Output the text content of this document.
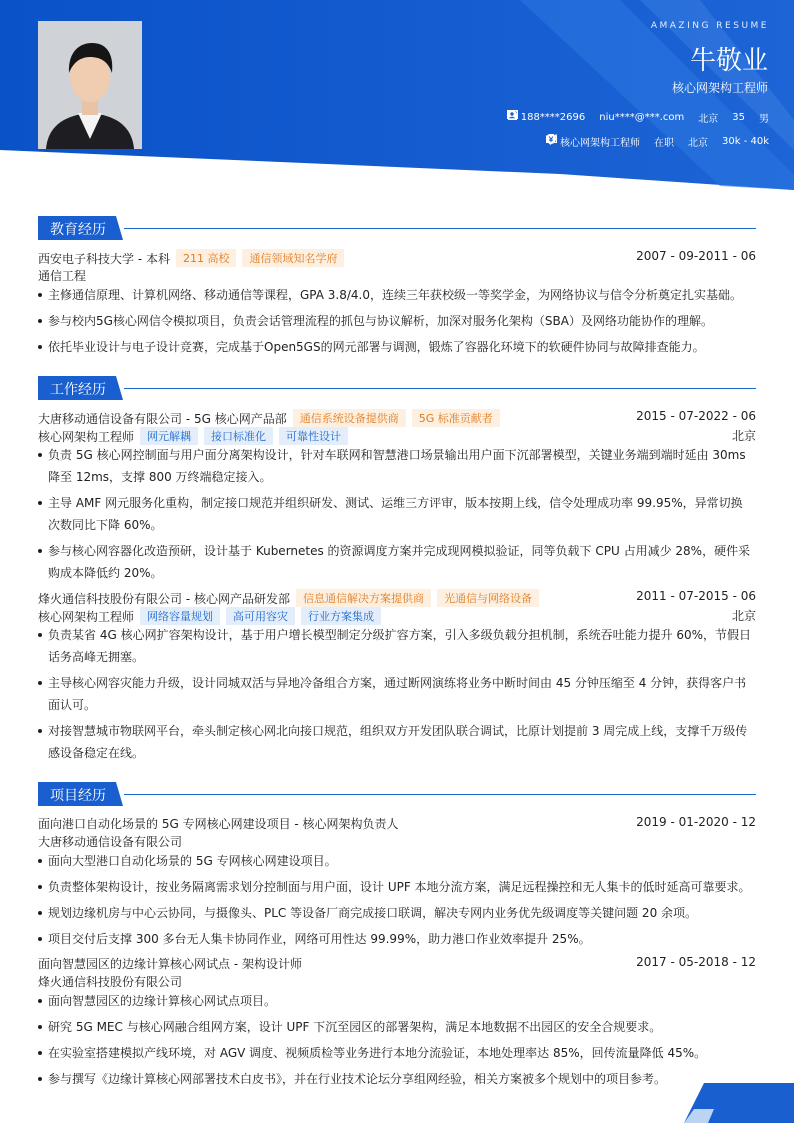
AMAZING RESUME
牛敬业
核心网架构工程师
188****2696 niu****@***.com 北京 35 男
核心网架构工程师 在职 北京 30k - 40k
教育经历
西安电子科技大学 - 本科	211 高校	通信领域知名学府	2007 - 09-2011 - 06
通信工程
主修通信原理、计算机网络、移动通信等课程，GPA 3.8/4.0，连续三年获校级一等奖学金，为网络协议与信令分析奠定扎实基础。
参与校内5G核心网信令模拟项目，负责会话管理流程的抓包与协议解析，加深对服务化架构（SBA）及网络功能协作的理解。
依托毕业设计与电子设计竞赛，完成基于Open5GS的网元部署与调测，锻炼了容器化环境下的软硬件协同与故障排查能力。
工作经历
大唐移动通信设备有限公司 - 5G 核心网产品部	通信系统设备提供商	5G 标准贡献者	2015 - 07-2022 - 06
核心网架构工程师	网元解耦	接口标准化	可靠性设计	北京
负责 5G 核心网控制面与用户面分离架构设计，针对车联网和智慧港口场景输出用户面下沉部署模型，关键业务端到端时延由 30ms 降至 12ms，支撑 800 万终端稳定接入。
主导 AMF 网元服务化重构，制定接口规范并组织研发、测试、运维三方评审，版本按期上线，信令处理成功率 99.95%，异常切换次数同比下降 60%。
参与核心网容器化改造预研，设计基于 Kubernetes 的资源调度方案并完成现网模拟验证，同等负载下 CPU 占用减少 28%，硬件采购成本降低约 20%。
烽火通信科技股份有限公司 - 核心网产品研发部	信息通信解决方案提供商	光通信与网络设备	2011 - 07-2015 - 06
核心网架构工程师	网络容量规划	高可用容灾	行业方案集成	北京
负责某省 4G 核心网扩容架构设计，基于用户增长模型制定分级扩容方案，引入多级负载分担机制，系统吞吐能力提升 60%，节假日话务高峰无拥塞。
主导核心网容灾能力升级，设计同城双活与异地冷备组合方案，通过断网演练将业务中断时间由 45 分钟压缩至 4 分钟，获得客户书面认可。
对接智慧城市物联网平台，牵头制定核心网北向接口规范，组织双方开发团队联合调试，比原计划提前 3 周完成上线，支撑千万级传感设备稳定在线。
项目经历
面向港口自动化场景的 5G 专网核心网建设项目 - 核心网架构负责人	2019 - 01-2020 - 12
大唐移动通信设备有限公司
面向大型港口自动化场景的 5G 专网核心网建设项目。
负责整体架构设计，按业务隔离需求划分控制面与用户面，设计 UPF 本地分流方案，满足远程操控和无人集卡的低时延高可靠要求。
规划边缘机房与中心云协同，与摄像头、PLC 等设备厂商完成接口联调，解决专网内业务优先级调度等关键问题 20 余项。
项目交付后支撑 300 多台无人集卡协同作业，网络可用性达 99.99%，助力港口作业效率提升 25%。
面向智慧园区的边缘计算核心网试点 - 架构设计师	2017 - 05-2018 - 12
烽火通信科技股份有限公司
面向智慧园区的边缘计算核心网试点项目。
研究 5G MEC 与核心网融合组网方案，设计 UPF 下沉至园区的部署架构，满足本地数据不出园区的安全合规要求。
在实验室搭建模拟产线环境，对 AGV 调度、视频质检等业务进行本地分流验证，本地处理率达 85%，回传流量降低 45%。
参与撰写《边缘计算核心网部署技术白皮书》，并在行业技术论坛分享组网经验，相关方案被多个规划中的项目参考。
